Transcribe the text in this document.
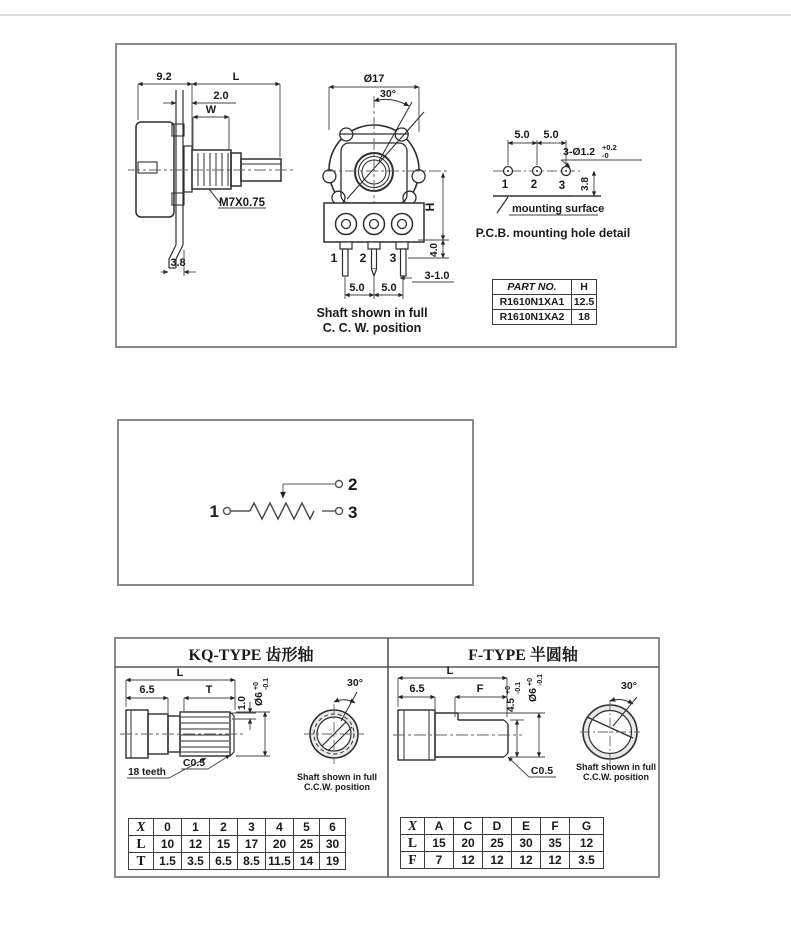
9.2	L
2.0
W
M7X0.75
3.8
Ø17
30°
1 2 3
H
4.0
3-1.0
5.0 5.0
Shaft shown in full
C. C. W. position
5.0 5.0
1 2 3
3-Ø1.2 +0.2
-0
3.8
mounting surface
P.C.B. mounting hole detail
1
2
3
KQ-TYPE 齿形轴	F-TYPE 半圆轴
L
6.5	T
1.0 Ø6
+0 -0.1
18 teeth
C0.5
30°
Shaft shown in full
C.C.W. position
L
6.5	F
4.5
+0 -0.1
Ø6
+0 -0.1
C0.5
30°
Shaft shown in full
C.C.W. position
PART NO.	H
R1610N1XA1	12.5
R1610N1XA2	18
X	0	1	2	3	4	5	6
L	10	12	15	17	20	25	30
T	1.5	3.5	6.5	8.5	11.5	14	19
X	A	C	D	E	F	G
L	15	20	25	30	35	12
F	7	12	12	12	12	3.5
